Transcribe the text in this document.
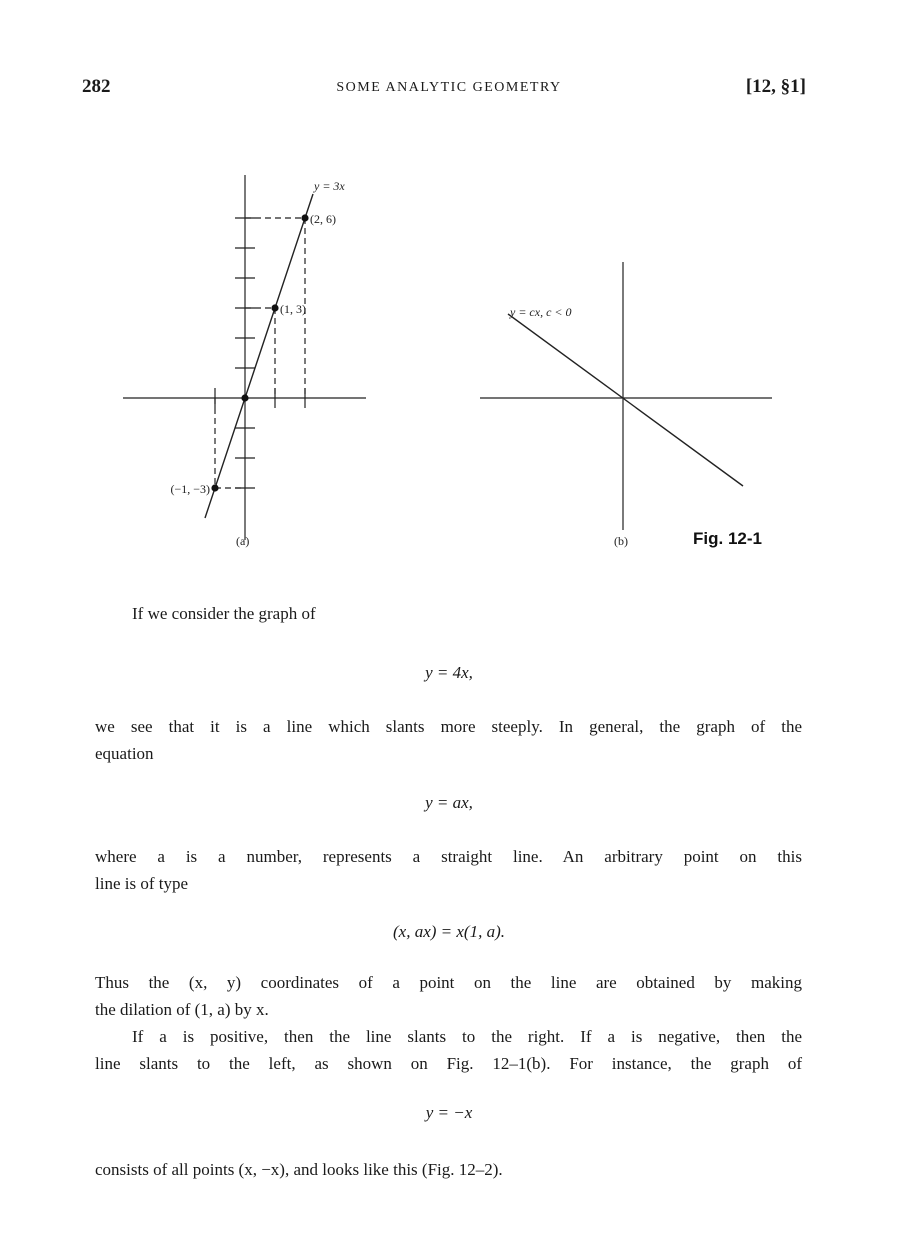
282	SOME ANALYTIC GEOMETRY	[12, §1]
y = 3x
(2, 6)
(1, 3)
(−1, −3)
(a)
y = cx, c < 0
(b)	Fig. 12-1
If we consider the graph of
y = 4x,
we see that it is a line which slants more steeply. In general, the graph of the
equation
y = ax,
where a is a number, represents a straight line. An arbitrary point on this
line is of type
(x, ax) = x(1, a).
Thus the (x, y) coordinates of a point on the line are obtained by making
the dilation of (1, a) by x.
If a is positive, then the line slants to the right. If a is negative, then the
line slants to the left, as shown on Fig. 12–1(b). For instance, the graph of
y = −x
consists of all points (x, −x), and looks like this (Fig. 12–2).
